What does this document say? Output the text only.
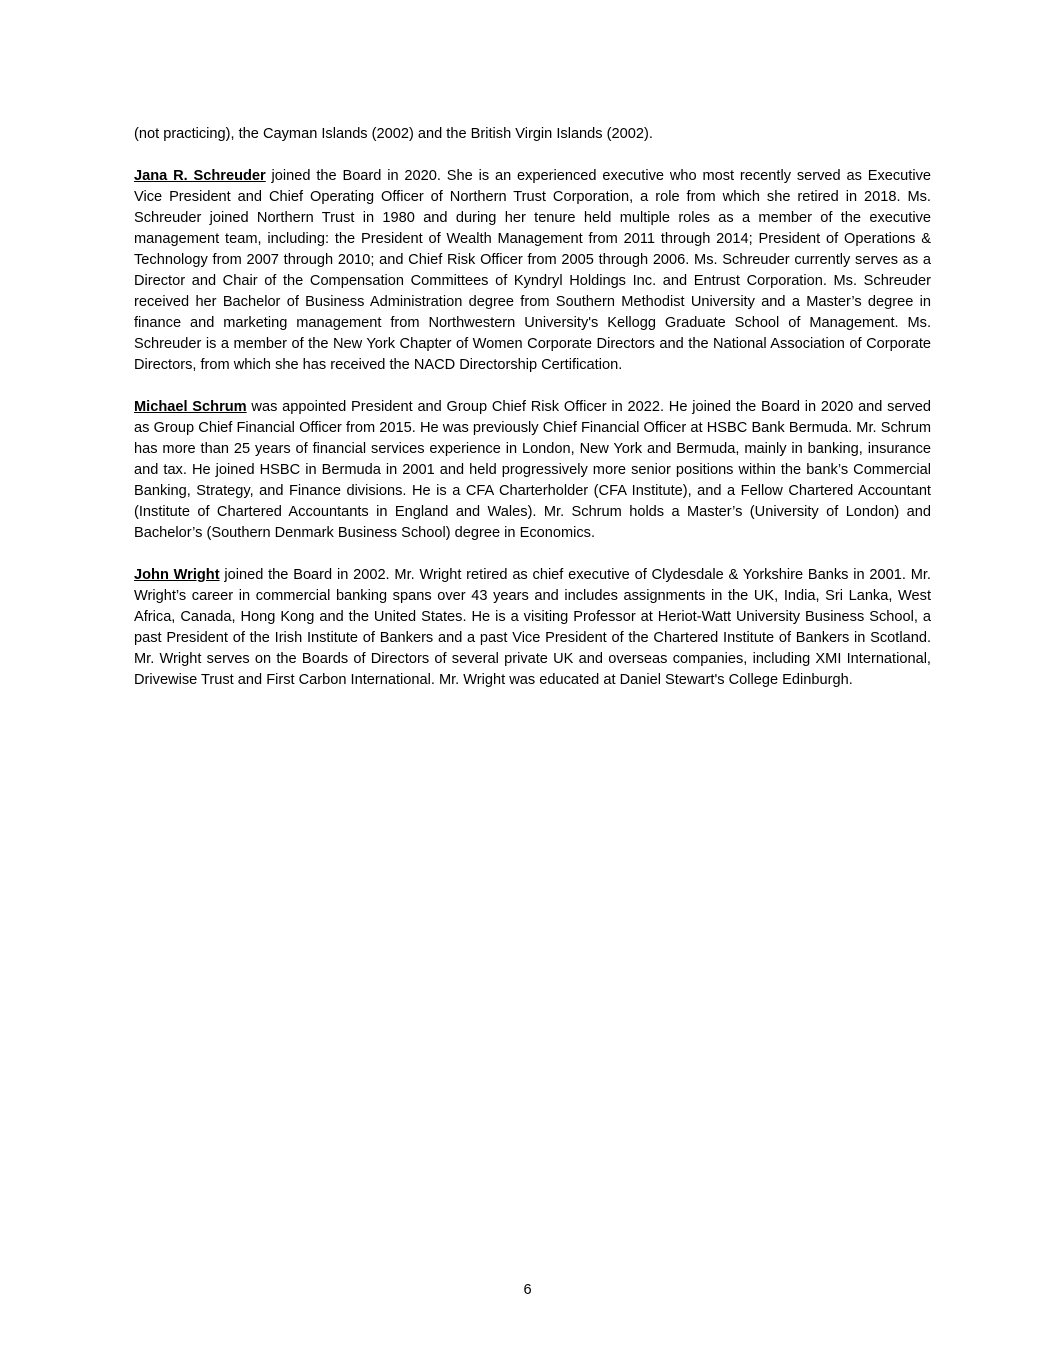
(not practicing), the Cayman Islands (2002) and the British Virgin Islands (2002).

Jana R. Schreuder joined the Board in 2020. She is an experienced executive who most recently served as Executive Vice President and Chief Operating Officer of Northern Trust Corporation, a role from which she retired in 2018. Ms. Schreuder joined Northern Trust in 1980 and during her tenure held multiple roles as a member of the executive management team, including: the President of Wealth Management from 2011 through 2014; President of Operations & Technology from 2007 through 2010; and Chief Risk Officer from 2005 through 2006. Ms. Schreuder currently serves as a Director and Chair of the Compensation Committees of Kyndryl Holdings Inc. and Entrust Corporation. Ms. Schreuder received her Bachelor of Business Administration degree from Southern Methodist University and a Master’s degree in finance and marketing management from Northwestern University's Kellogg Graduate School of Management. Ms. Schreuder is a member of the New York Chapter of Women Corporate Directors and the National Association of Corporate Directors, from which she has received the NACD Directorship Certification.

Michael Schrum was appointed President and Group Chief Risk Officer in 2022. He joined the Board in 2020 and served as Group Chief Financial Officer from 2015. He was previously Chief Financial Officer at HSBC Bank Bermuda. Mr. Schrum has more than 25 years of financial services experience in London, New York and Bermuda, mainly in banking, insurance and tax. He joined HSBC in Bermuda in 2001 and held progressively more senior positions within the bank’s Commercial Banking, Strategy, and Finance divisions. He is a CFA Charterholder (CFA Institute), and a Fellow Chartered Accountant (Institute of Chartered Accountants in England and Wales). Mr. Schrum holds a Master’s (University of London) and Bachelor’s (Southern Denmark Business School) degree in Economics.

John Wright joined the Board in 2002. Mr. Wright retired as chief executive of Clydesdale & Yorkshire Banks in 2001. Mr. Wright’s career in commercial banking spans over 43 years and includes assignments in the UK, India, Sri Lanka, West Africa, Canada, Hong Kong and the United States. He is a visiting Professor at Heriot-Watt University Business School, a past President of the Irish Institute of Bankers and a past Vice President of the Chartered Institute of Bankers in Scotland. Mr. Wright serves on the Boards of Directors of several private UK and overseas companies, including XMI International, Drivewise Trust and First Carbon International. Mr. Wright was educated at Daniel Stewart's College Edinburgh.

6
